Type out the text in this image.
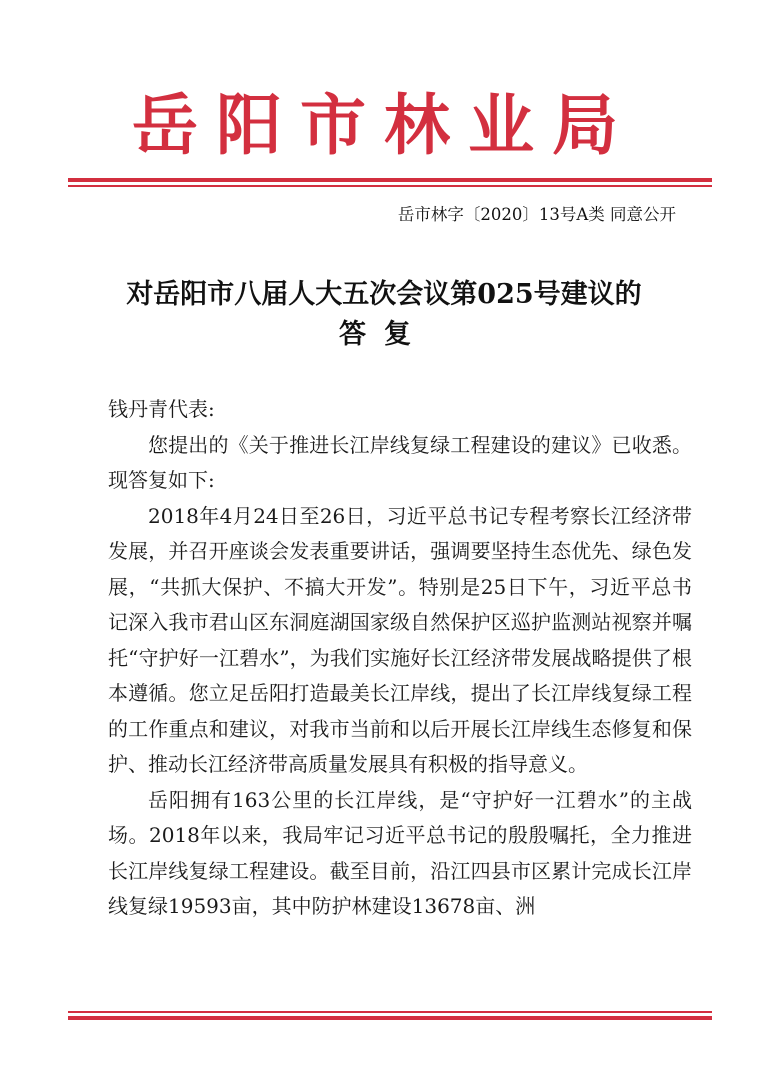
岳阳市林业局
岳市林字〔2020〕13号A类 同意公开
对岳阳市八届人大五次会议第025号建议的
答复

钱丹青代表:

您提出的《关于推进长江岸线复绿工程建设的建议》已收悉。现答复如下:

2018年4月24日至26日，习近平总书记专程考察长江经济带发展，并召开座谈会发表重要讲话，强调要坚持生态优先、绿色发展，“共抓大保护、不搞大开发”。特别是25日下午，习近平总书记深入我市君山区东洞庭湖国家级自然保护区巡护监测站视察并嘱托“守护好一江碧水”，为我们实施好长江经济带发展战略提供了根本遵循。您立足岳阳打造最美长江岸线，提出了长江岸线复绿工程的工作重点和建议，对我市当前和以后开展长江岸线生态修复和保护、推动长江经济带高质量发展具有积极的指导意义。

岳阳拥有163公里的长江岸线，是“守护好一江碧水”的主战场。2018年以来，我局牢记习近平总书记的殷殷嘱托，全力推进长江岸线复绿工程建设。截至目前，沿江四县市区累计完成长江岸线复绿19593亩，其中防护林建设13678亩、洲
